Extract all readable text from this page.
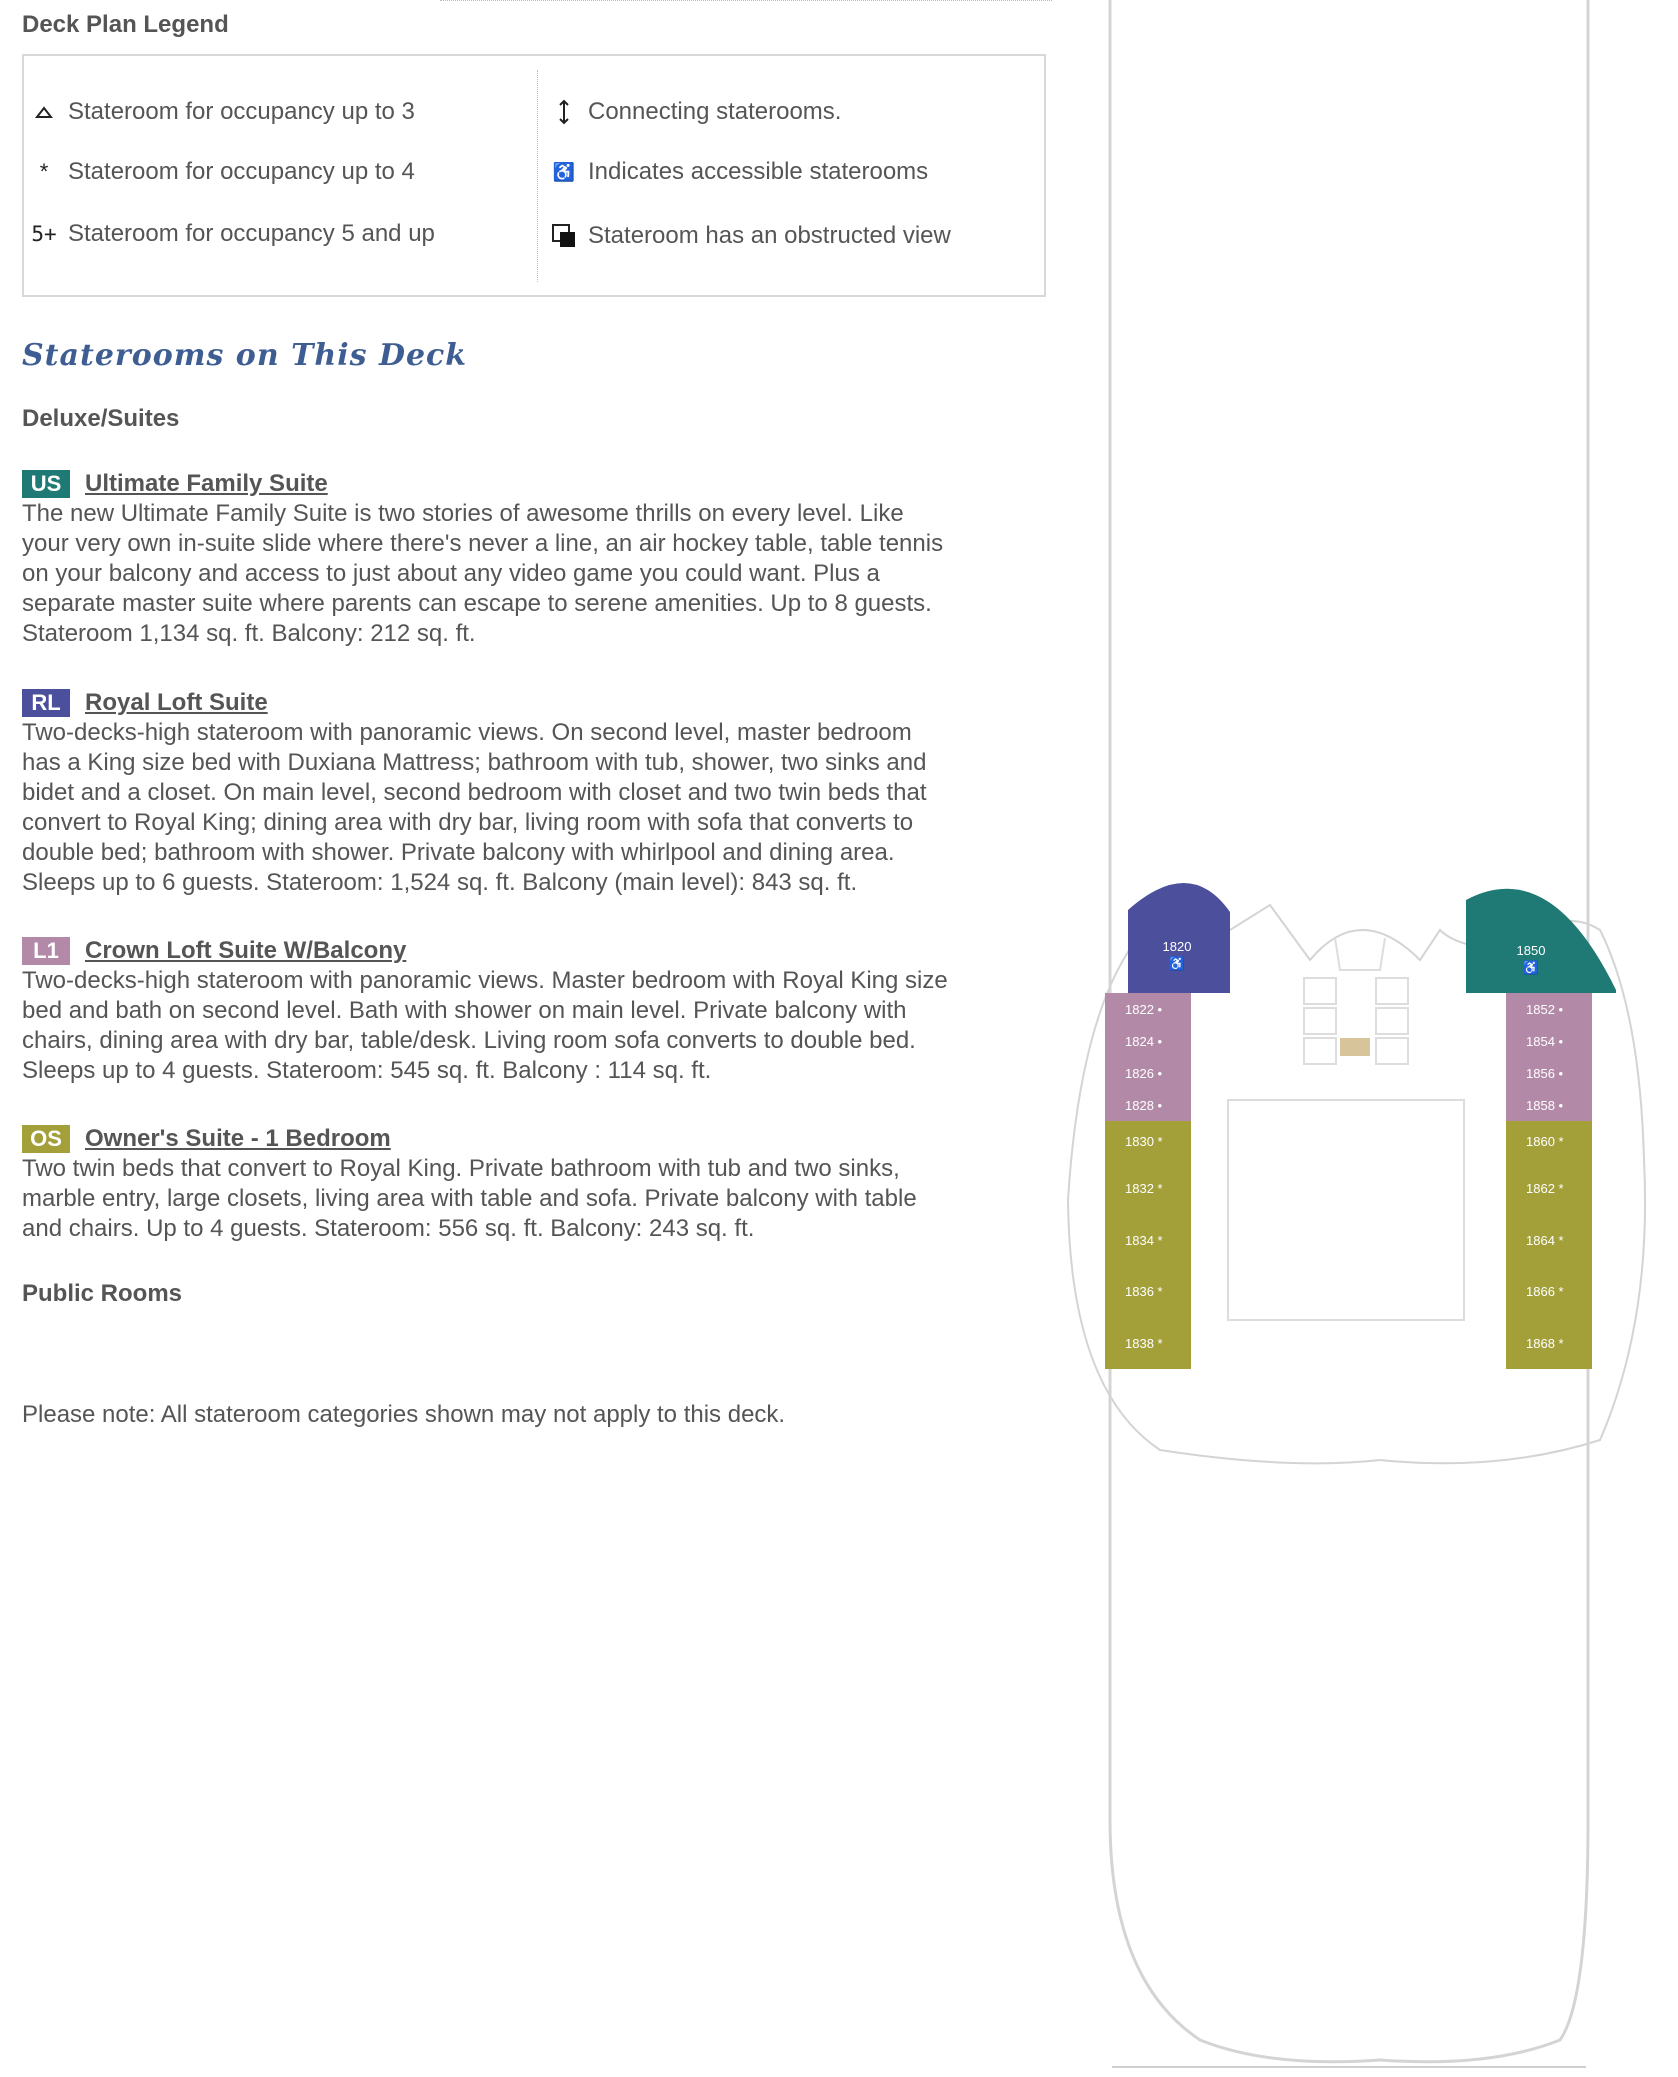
Deck Plan Legend
Stateroom for occupancy up to 3
* Stateroom for occupancy up to 4
5+ Stateroom for occupancy 5 and up
Connecting staterooms.
♿ Indicates accessible staterooms
Stateroom has an obstructed view
Staterooms on This Deck
Deluxe/Suites
US Ultimate Family Suite

The new Ultimate Family Suite is two stories of awesome thrills on every level. Like
your very own in-suite slide where there's never a line, an air hockey table, table tennis
on your balcony and access to just about any video game you could want. Plus a
separate master suite where parents can escape to serene amenities. Up to 8 guests.
Stateroom 1,134 sq. ft. Balcony: 212 sq. ft.

RL	Royal Loft Suite

Two-decks-high stateroom with panoramic views. On second level, master bedroom
has a King size bed with Duxiana Mattress; bathroom with tub, shower, two sinks and
bidet and a closet. On main level, second bedroom with closet and two twin beds that
convert to Royal King; dining area with dry bar, living room with sofa that converts to
double bed; bathroom with shower. Private balcony with whirlpool and dining area.
Sleeps up to 6 guests. Stateroom: 1,524 sq. ft. Balcony (main level): 843 sq. ft.

L1	Crown Loft Suite W/Balcony

Two-decks-high stateroom with panoramic views. Master bedroom with Royal King size
bed and bath on second level. Bath with shower on main level. Private balcony with
chairs, dining area with dry bar, table/desk. Living room sofa converts to double bed.
Sleeps up to 4 guests. Stateroom: 545 sq. ft. Balcony : 114 sq. ft.

OS Owner's Suite - 1 Bedroom

Two twin beds that convert to Royal King. Private bathroom with tub and two sinks,
marble entry, large closets, living area with table and sofa. Private balcony with table
and chairs. Up to 4 guests. Stateroom: 556 sq. ft. Balcony: 243 sq. ft.

Public Rooms
Please note: All stateroom categories shown may not apply to this deck.
1820
♿
1850
♿
1822 •
1824 •
1826 •
1828 •
1830 *
1832 *
1834 *
1836 *
1838 *
1852 •
1854 •
1856 •
1858 •
1860 *
1862 *
1864 *
1866 *
1868 *
